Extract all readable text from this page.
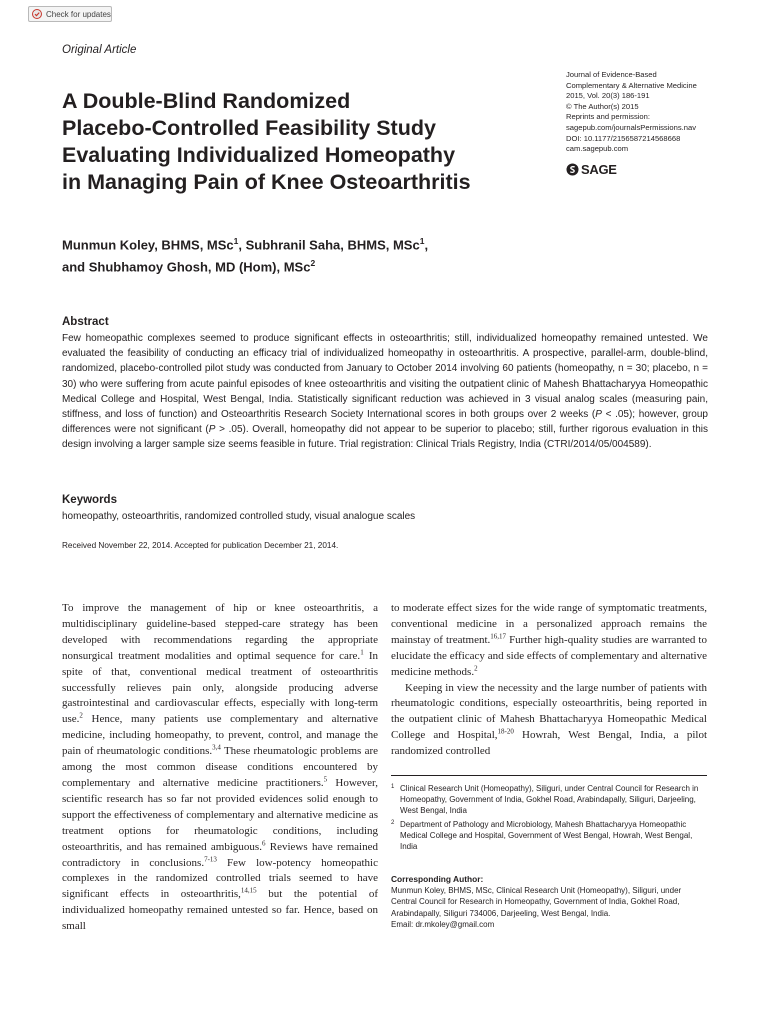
Check for updates
Original Article
A Double-Blind Randomized
Placebo-Controlled Feasibility Study
Evaluating Individualized Homeopathy
in Managing Pain of Knee Osteoarthritis
Journal of Evidence-Based
Complementary & Alternative Medicine
2015, Vol. 20(3) 186-191
© The Author(s) 2015
Reprints and permission:
sagepub.com/journalsPermissions.nav
DOI: 10.1177/2156587214568668
cam.sagepub.com
SAGE
Munmun Koley, BHMS, MSc$^1$, Subhranil Saha, BHMS, MSc$^1$,
and Shubhamoy Ghosh, MD (Hom), MSc$^2$
Abstract
Few homeopathic complexes seemed to produce significant effects in osteoarthritis; still, individualized homeopathy remained untested. We evaluated the feasibility of conducting an efficacy trial of individualized homeopathy in osteoarthritis. A prospective, parallel-arm, double-blind, randomized, placebo-controlled pilot study was conducted from January to October 2014 involving 60 patients (homeopathy, n = 30; placebo, n = 30) who were suffering from acute painful episodes of knee osteoarthritis and visiting the outpatient clinic of Mahesh Bhattacharyya Homeopathic Medical College and Hospital, West Bengal, India. Statistically significant reduction was achieved in 3 visual analog scales (measuring pain, stiffness, and loss of function) and Osteoarthritis Research Society International scores in both groups over 2 weeks (P < .05); however, group differences were not significant (P > .05). Overall, homeopathy did not appear to be superior to placebo; still, further rigorous evaluation in this design involving a larger sample size seems feasible in future. Trial registration: Clinical Trials Registry, India (CTRI/2014/05/004589).
Keywords
homeopathy, osteoarthritis, randomized controlled study, visual analogue scales
Received November 22, 2014. Accepted for publication December 21, 2014.

To improve the management of hip or knee osteoarthritis, a multidisciplinary guideline-based stepped-care strategy has been developed with recommendations regarding the appropriate nonsurgical treatment modalities and optimal sequence for care.$^1$ In spite of that, conventional medical treatment of osteoarthritis successfully relieves pain only, alongside producing adverse gastrointestinal and cardiovascular effects, especially with long-term use.$^2$ Hence, many patients use complementary and alternative medicine, including homeopathy, to prevent, control, and manage the pain of rheumatologic conditions.$^{3,4}$ These rheumatologic problems are among the most common disease conditions encountered by complementary and alternative medicine practitioners.$^5$ However, scientific research has so far not provided evidences solid enough to support the effectiveness of complementary and alternative medicine as treatment options for rheumatologic conditions, including osteoarthritis, and has remained ambiguous.$^6$ Reviews have remained contradictory in conclusions.$^{7-13}$ Few low-potency homeopathic complexes in the randomized controlled trials seemed to have significant effects in osteoarthritis,$^{14,15}$ but the potential of individualized homeopathy remained untested so far. Hence, based on small

to moderate effect sizes for the wide range of symptomatic treatments, conventional medicine in a personalized approach remains the mainstay of treatment.$^{16,17}$ Further high-quality studies are warranted to elucidate the efficacy and side effects of complementary and alternative medicine methods.$^2$

Keeping in view the necessity and the large number of patients with rheumatologic conditions, especially osteoarthritis, being reported in the outpatient clinic of Mahesh Bhattacharyya Homeopathic Medical College and Hospital,$^{18-20}$ Howrah, West Bengal, India, a pilot randomized controlled

1 Clinical Research Unit (Homeopathy), Siliguri, under Central Council for Research in Homeopathy, Government of India, Gokhel Road, Arabindapally, Siliguri, Darjeeling, West Bengal, India
2 Department of Pathology and Microbiology, Mahesh Bhattacharyya Homeopathic Medical College and Hospital, Government of West Bengal, Howrah, West Bengal, India
Corresponding Author:
Munmun Koley, BHMS, MSc, Clinical Research Unit (Homeopathy), Siliguri, under Central Council for Research in Homeopathy, Government of India, Gokhel Road, Arabindapally, Siliguri 734006, Darjeeling, West Bengal, India.
Email: dr.mkoley@gmail.com
